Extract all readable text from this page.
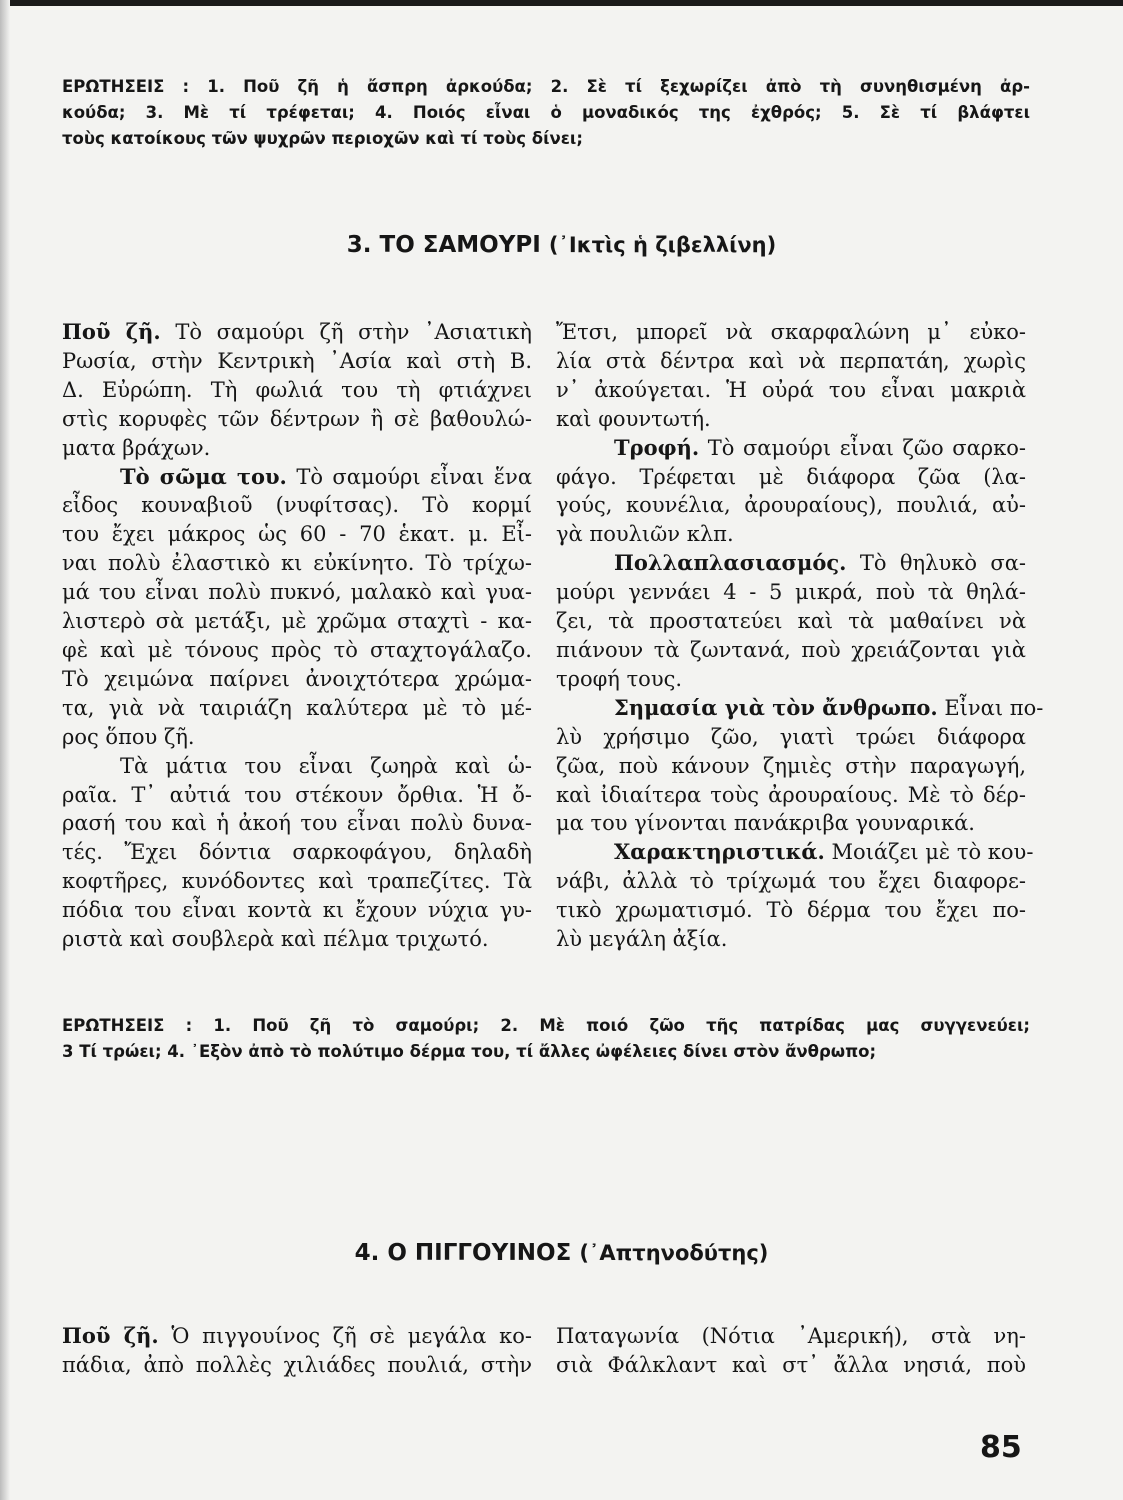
ΕΡΩΤΗΣΕΙΣ : 1. Ποῦ ζῆ ἡ ἄσπρη ἀρκούδα; 2. Σὲ τί ξεχωρίζει ἀπὸ τὴ συνηθισμένη ἀρ-
κούδα; 3. Μὲ τί τρέφεται; 4. Ποιός εἶναι ὁ μοναδικός της ἐχθρός; 5. Σὲ τί βλάφτει
τοὺς κατοίκους τῶν ψυχρῶν περιοχῶν καὶ τί τοὺς δίνει;
3. ΤΟ ΣΑΜΟΥΡΙ (᾿Ικτὶς ἡ ζιβελλίνη)
Ποῦ ζῆ. Τὸ σαμούρι ζῆ στὴν ᾿Ασιατικὴ
Ρωσία, στὴν Κεντρικὴ ᾿Ασία καὶ στὴ Β.
Δ. Εὐρώπη. Τὴ φωλιά του τὴ φτιάχνει
στὶς κορυφὲς τῶν δέντρων ἢ σὲ βαθουλώ-
ματα βράχων.
Τὸ σῶμα του. Τὸ σαμούρι εἶναι ἕνα
εἶδος κουναβιοῦ (νυφίτσας). Τὸ κορμί
του ἔχει μάκρος ὡς 60 - 70 ἑκατ. μ. Εἶ-
ναι πολὺ ἐλαστικὸ κι εὐκίνητο. Τὸ τρίχω-
μά του εἶναι πολὺ πυκνό, μαλακὸ καὶ γυα-
λιστερὸ σὰ μετάξι, μὲ χρῶμα σταχτὶ - κα-
φὲ καὶ μὲ τόνους πρὸς τὸ σταχτογάλαζο.
Τὸ χειμώνα παίρνει ἀνοιχτότερα χρώμα-
τα, γιὰ νὰ ταιριάζη καλύτερα μὲ τὸ μέ-
ρος ὅπου ζῆ.
Τὰ μάτια του εἶναι ζωηρὰ καὶ ὡ-
ραῖα. Τ᾿ αὐτιά του στέκουν ὄρθια. Ἡ ὄ-
ρασή του καὶ ἡ ἀκοή του εἶναι πολὺ δυνα-
τές. Ἔχει δόντια σαρκοφάγου, δηλαδὴ
κοφτῆρες, κυνόδοντες καὶ τραπεζίτες. Τὰ
πόδια του εἶναι κοντὰ κι ἔχουν νύχια γυ-
ριστὰ καὶ σουβλερὰ καὶ πέλμα τριχωτό.
Ἔτσι, μπορεῖ νὰ σκαρφαλώνη μ᾿ εὐκο-
λία στὰ δέντρα καὶ νὰ περπατάη, χωρὶς
ν᾿ ἀκούγεται. Ἡ οὐρά του εἶναι μακριὰ
καὶ φουντωτή.
Τροφή. Τὸ σαμούρι εἶναι ζῶο σαρκο-
φάγο. Τρέφεται μὲ διάφορα ζῶα (λα-
γούς, κουνέλια, ἀρουραίους), πουλιά, αὐ-
γὰ πουλιῶν κλπ.
Πολλαπλασιασμός. Τὸ θηλυκὸ σα-
μούρι γεννάει 4 - 5 μικρά, ποὺ τὰ θηλά-
ζει, τὰ προστατεύει καὶ τὰ μαθαίνει νὰ
πιάνουν τὰ ζωντανά, ποὺ χρειάζονται γιὰ
τροφή τους.
Σημασία γιὰ τὸν ἄνθρωπο. Εἶναι πο-
λὺ χρήσιμο ζῶο, γιατὶ τρώει διάφορα
ζῶα, ποὺ κάνουν ζημιὲς στὴν παραγωγή,
καὶ ἰδιαίτερα τοὺς ἀρουραίους. Μὲ τὸ δέρ-
μα του γίνονται πανάκριβα γουναρικά.
Χαρακτηριστικά. Μοιάζει μὲ τὸ κου-
νάβι, ἀλλὰ τὸ τρίχωμά του ἔχει διαφορε-
τικὸ χρωματισμό. Τὸ δέρμα του ἔχει πο-
λὺ μεγάλη ἀξία.
ΕΡΩΤΗΣΕΙΣ : 1. Ποῦ ζῆ τὸ σαμούρι; 2. Μὲ ποιό ζῶο τῆς πατρίδας μας συγγενεύει;
3 Τί τρώει; 4. ᾿Εξὸν ἀπὸ τὸ πολύτιμο δέρμα του, τί ἄλλες ὠφέλειες δίνει στὸν ἄνθρωπο;
4. Ο ΠΙΓΓΟΥΙΝΟΣ (᾿Απτηνοδύτης)
Ποῦ ζῆ. Ὁ πιγγουίνος ζῆ σὲ μεγάλα κο-
πάδια, ἀπὸ πολλὲς χιλιάδες πουλιά, στὴν
Παταγωνία (Νότια ᾿Αμερική), στὰ νη-
σιὰ Φάλκλαντ καὶ στ᾿ ἄλλα νησιά, ποὺ
85
